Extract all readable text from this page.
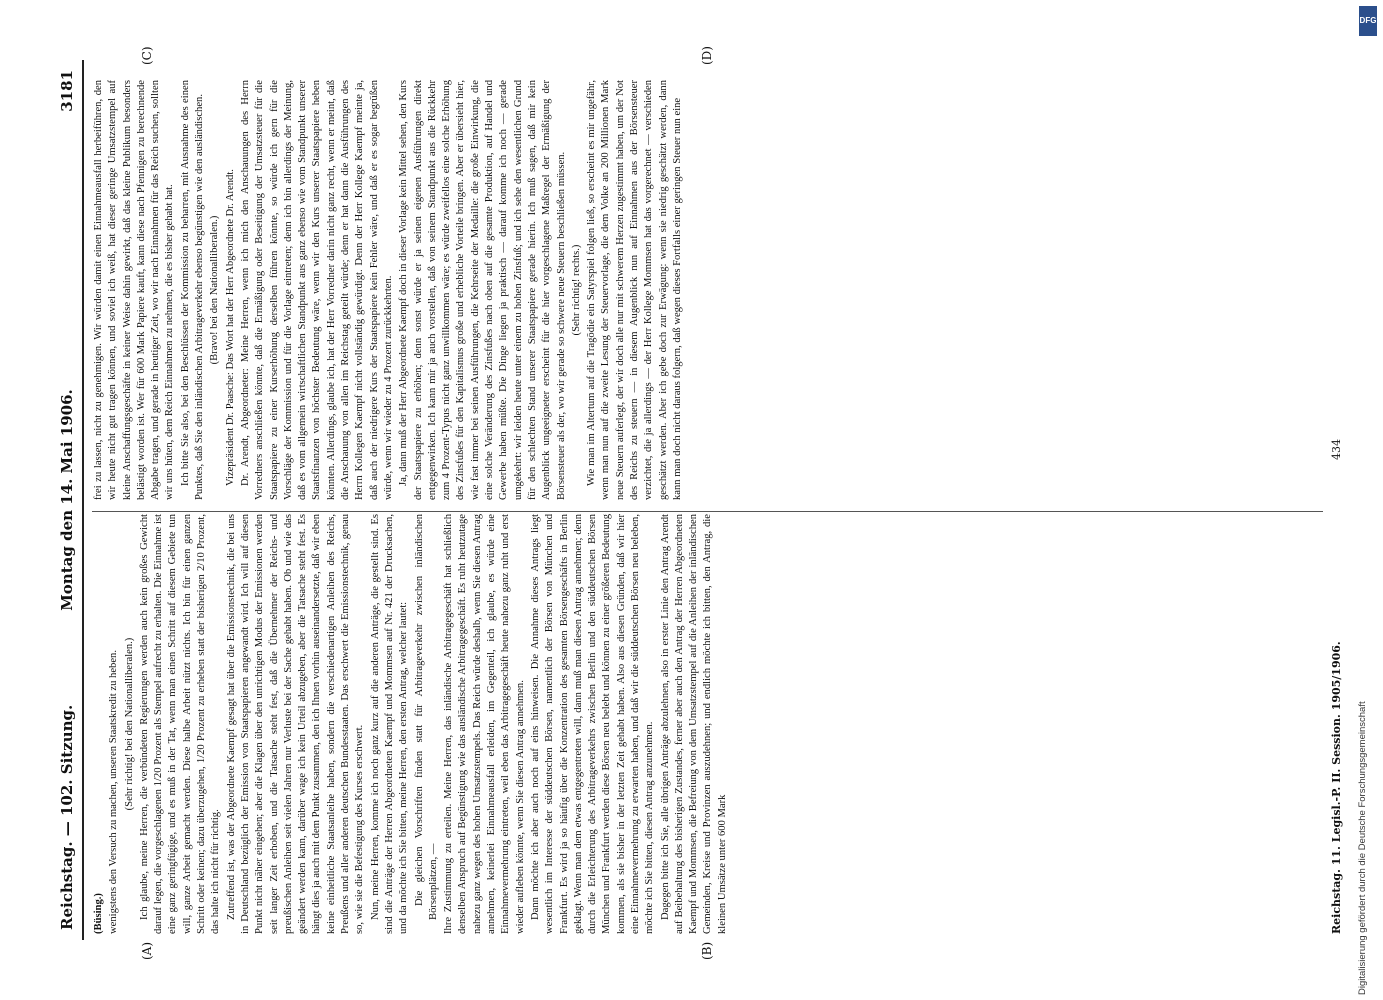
Reichstag. — 102. Sitzung.
Montag den 14. Mai 1906.
3181
(A)	(B)
(C)	(D)

(Büsing.) wenigstens den Versuch zu machen, unseren Staatskredit zu heben. (Sehr richtig! bei den Nationalliberalen.) Ich glaube, meine Herren, die verbündeten Regierungen werden auch kein großes Gewicht darauf legen, die vorgeschlagenen 1/20 Prozent als Stempel aufrecht zu erhalten. Die Einnahme ist eine ganz geringfügige, und es muß in der Tat, wenn man einen Schritt auf diesem Gebiete tun will, ganze Arbeit gemacht werden. Diese halbe Arbeit nützt nichts. Ich bin für einen ganzen Schritt oder keinen; dazu überzugehen, 1/20 Prozent zu erheben statt der bisherigen 2/10 Prozent, das halte ich nicht für richtig. Zutreffend ist, was der Abgeordnete Kaempf gesagt hat über die Emissionstechnik, die bei uns in Deutschland bezüglich der Emission von Staatspapieren angewandt wird. Ich will auf diesen Punkt nicht näher eingehen; aber die Klagen über den unrichtigen Modus der Emissionen werden seit langer Zeit erhoben, und die Tatsache steht fest, daß die Übernehmer der Reichs- und preußischen Anleihen seit vielen Jahren nur Verluste bei der Sache gehabt haben. Ob und wie das geändert werden kann, darüber wage ich kein Urteil abzugeben, aber die Tatsache steht fest. Es hängt dies ja auch mit dem Punkt zusammen, den ich Ihnen vorhin auseinandersetzte, daß wir eben keine einheitliche Staatsanleihe haben, sondern die verschiedenartigen Anleihen des Reichs, Preußens und aller anderen deutschen Bundesstaaten. Das erschwert die Emissionstechnik, genau so, wie sie die Befestigung des Kurses erschwert. Nun, meine Herren, komme ich noch ganz kurz auf die anderen Anträge, die gestellt sind. Es sind die Anträge der Herren Abgeordneten Kaempf und Mommsen auf Nr. 421 der Drucksachen, und da möchte ich Sie bitten, meine Herren, den ersten Antrag, welcher lautet: Die gleichen Vorschriften finden statt für Arbitrageverkehr zwischen inländischen Börsenplätzen, — Ihre Zustimmung zu erteilen. Meine Herren, das inländische Arbitragegeschäft hat schließlich denselben Anspruch auf Begünstigung wie das ausländische Arbitragegeschäft. Es ruht heutzutage nahezu ganz wegen des hohen Umsatzstempels. Das Reich würde deshalb, wenn Sie diesen Antrag annehmen, keinerlei Einnahmeausfall erleiden, im Gegenteil, ich glaube, es würde eine Einnahmevermehrung eintreten, weil eben das Arbitragegeschäft heute nahezu ganz ruht und erst wieder aufleben könnte, wenn Sie diesen Antrag annehmen. Dann möchte ich aber auch noch auf eins hinweisen. Die Annahme dieses Antrags liegt wesentlich im Interesse der süddeutschen Börsen, namentlich der Börsen von München und Frankfurt. Es wird ja so häufig über die Konzentration des gesamten Börsengeschäfts in Berlin geklagt. Wenn man dem etwas entgegentreten will, dann muß man diesen Antrag annehmen; denn durch die Erleichterung des Arbitrageverkehrs zwischen Berlin und den süddeutschen Börsen München und Frankfurt werden diese Börsen neu belebt und können zu einer größeren Bedeutung kommen, als sie bisher in der letzten Zeit gehabt haben. Also aus diesen Gründen, daß wir hier eine Einnahmevermehrung zu erwarten haben, und daß wir die süddeutschen Börsen neu beleben, möchte ich Sie bitten, diesen Antrag anzunehmen. Dagegen bitte ich Sie, alle übrigen Anträge abzulehnen, also in erster Linie den Antrag Arendt auf Beibehaltung des bisherigen Zustandes, ferner aber auch den Antrag der Herren Abgeordneten Kaempf und Mommsen, die Befreiung von dem Umsatzstempel auf die Anleihen der inländischen Gemeinden, Kreise und Provinzen auszudehnen; und endlich möchte ich bitten, den Antrag, die kleinen Umsätze unter 600 Mark

frei zu lassen, nicht zu genehmigen. Wir würden damit einen Einnahmeausfall herbeiführen, den wir heute nicht gut tragen können, und soviel ich weiß, hat dieser geringe Umsatzstempel auf kleine Anschaffungsgeschäfte in keiner Weise dahin gewirkt, daß das kleine Publikum besonders belästigt worden ist. Wer für 600 Mark Papiere kauft, kann diese nach Pfennigen zu berechnende Abgabe tragen, und gerade in heutiger Zeit, wo wir nach Einnahmen für das Reich suchen, sollten wir uns hüten, dem Reich Einnahmen zu nehmen, die es bisher gehabt hat. Ich bitte Sie also, bei den Beschlüssen der Kommission zu beharren, mit Ausnahme des einen Punktes, daß Sie den inländischen Arbitrageverkehr ebenso begünstigen wie den ausländischen. (Bravo! bei den Nationalliberalen.) Vizepräsident Dr. Paasche: Das Wort hat der Herr Abgeordnete Dr. Arendt. Dr. Arendt, Abgeordneter: Meine Herren, wenn ich mich den Anschauungen des Herrn Vorredners anschließen könnte, daß die Ermäßigung oder Beseitigung der Umsatzsteuer für die Staatspapiere zu einer Kurserhöhung derselben führen könnte, so würde ich gern für die Vorschläge der Kommission und für die Vorlage eintreten; denn ich bin allerdings der Meinung, daß es vom allgemein wirtschaftlichen Standpunkt aus ganz ebenso wie vom Standpunkt unserer Staatsfinanzen von höchster Bedeutung wäre, wenn wir den Kurs unserer Staatspapiere heben könnten. Allerdings, glaube ich, hat der Herr Vorredner darin nicht ganz recht, wenn er meint, daß die Anschauung von allen im Reichstag geteilt würde; denn er hat dann die Ausführungen des Herrn Kollegen Kaempf nicht vollständig gewürdigt. Denn der Herr Kollege Kaempf meinte ja, daß auch der niedrigere Kurs der Staatspapiere kein Fehler wäre, und daß er es sogar begrüßen würde, wenn wir wieder zu 4 Prozent zurückkehrten. Ja, dann muß der Herr Abgeordnete Kaempf doch in dieser Vorlage kein Mittel sehen, den Kurs der Staatspapiere zu erhöhen; denn sonst würde er ja seinen eigenen Ausführungen direkt entgegenwirken. Ich kann mir ja auch vorstellen, daß von seinem Standpunkt aus die Rückkehr zum 4 Prozent-Typus nicht ganz unwillkommen wäre; es würde zweifellos eine solche Erhöhung des Zinsfußes für den Kapitalismus große und erhebliche Vorteile bringen. Aber er übersieht hier, wie fast immer bei seinen Ausführungen, die Kehrseite der Medaille: die große Einwirkung, die eine solche Veränderung des Zinsfußes nach oben auf die gesamte Produktion, auf Handel und Gewerbe haben müßte. Die Dinge liegen ja praktisch — darauf komme ich noch — gerade umgekehrt: wir leiden heute unter einem zu hohen Zinsfuß; und ich sehe den wesentlichen Grund für den schlechten Stand unserer Staatspapiere gerade hierin. Ich muß sagen, daß mir kein Augenblick ungeeigneter erscheint für die hier vorgeschlagene Maßregel der Ermäßigung der Börsensteuer als der, wo wir gerade so schwere neue Steuern beschließen müssen. (Sehr richtig! rechts.) Wie man im Altertum auf die Tragödie ein Satyrspiel folgen ließ, so erscheint es mir ungefähr, wenn man nun auf die zweite Lesung der Steuervorlage, die dem Volke an 200 Millionen Mark neue Steuern auferlegt, der wir doch alle nur mit schwerem Herzen zugestimmt haben, um der Not des Reichs zu steuern — in diesem Augenblick nun auf Einnahmen aus der Börsensteuer verzichtet, die ja allerdings — der Herr Kollege Mommsen hat das vorgerechnet — verschieden geschätzt werden. Aber ich gebe doch zur Erwägung: wenn sie niedrig geschätzt werden, dann kann man doch nicht daraus folgern, daß wegen dieses Fortfalls einer geringen Steuer nun eine

Reichstag. 11. Legisl.-P. II. Session. 1905/1906.
434
Digitalisierung gefördert durch die Deutsche Forschungsgemeinschaft
DFG
